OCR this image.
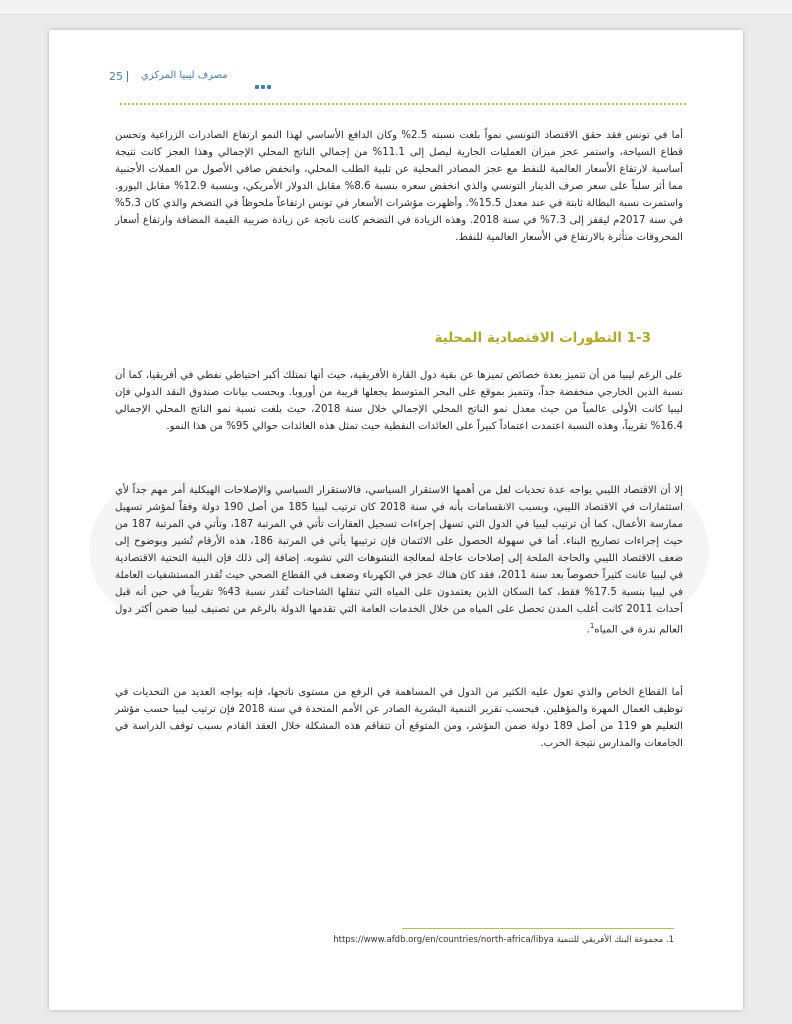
25 مصرف ليبيا المركزي
أما في تونس فقد حقق الاقتصاد التونسي نمواً بلغت نسبته 2.5% وكان الدافع الأساسي لهذا النمو ارتفاع الصادرات الزراعية وتحسن قطاع السياحة، واستمر عجز ميزان العمليات الجارية ليصل إلى 11.1% من إجمالي الناتج المحلي الإجمالي وهذا العجز كانت نتيجة أساسية لارتفاع الأسعار العالمية للنفط مع عجز المصادر المحلية عن تلبية الطلب المحلي، وانخفض صافي الأصول من العملات الأجنبية مما أثر سلباً على سعر صرف الدينار التونسي والذي انخفض سعره بنسبة 8.6% مقابل الدولار الأمريكي، وبنسبة 12.9% مقابل اليورو. واستمرت نسبة البطالة ثابتة في عند معدل 15.5%. وأظهرت مؤشرات الأسعار في تونس ارتفاعاً ملحوظاً في التضخم والذي كان 5.3% في سنة 2017م ليقفز إلى 7.3% في سنة 2018. وهذه الزيادة في التضخم كانت ناتجة عن زيادة ضريبة القيمة المضافة وارتفاع أسعار المحروقات متأثرة بالارتفاع في الأسعار العالمية للنفط.
1-3 التطورات الاقتصادية المحلية
على الرغم ليبيا من أن تتميز بعدة خصائص تميزها عن بقية دول القارة الأفريقية، حيث أنها تمتلك أكبر احتياطي نفطي في أفريقيا، كما أن نسبة الدين الخارجي منخفضة جداً، وتتميز بموقع على البحر المتوسط يجعلها قريبة من أوروبا. وبحسب بيانات صندوق النقد الدولي فإن ليبيا كانت الأولى عالمياً من حيث معدل نمو الناتج المحلي الإجمالي خلال سنة 2018، حيث بلغت نسبة نمو الناتج المحلي الإجمالي 16.4% تقريباً، وهذه النسبة اعتمدت اعتماداً كبيراً على العائدات النفطية حيث تمثل هذه العائدات حوالي 95% من هذا النمو.
إلا أن الاقتصاد الليبي يواجه عدة تحديات لعل من أهمها الاستقرار السياسي، فالاستقرار السياسي والإصلاحات الهيكلية أمر مهم جداً لأي استثمارات في الاقتصاد الليبي، وبسبب الانقسامات بأنه في سنة 2018 كان ترتيب ليبيا 185 من أصل 190 دولة وفقاً لمؤشر تسهيل ممارسة الأعمال، كما أن ترتيب ليبيا في الدول التي تسهل إجراءات تسجيل العقارات تأتي في المرتبة 187، وتأتي في المرتبة 187 من حيث إجراءات تصاريح البناء. أما في سهولة الحصول على الائتمان فإن ترتيبها يأتي في المرتبة 186، هذه الأرقام تُشير وبوضوح إلى ضعف الاقتصاد الليبي والحاجة الملحة إلى إصلاحات عاجلة لمعالجة التشوهات التي تشوبه. إضافة إلى ذلك فإن البنية التحتية الاقتصادية في ليبيا عانت كثيراً خصوصاً بعد سنة 2011، فقد كان هناك عجز في الكهرباء وضعف في القطاع الصحي حيث تُقدر المستشفيات العاملة في ليبيا بنسبة 17.5% فقط، كما السكان الذين يعتمدون على المياه التي تنقلها الشاحنات تُقدر نسبة 43% تقريباً في حين أنه قبل أحداث 2011 كانت أغلب المدن تحصل على المياه من خلال الخدمات العامة التي تقدمها الدولة بالرغم من تصنيف ليبيا ضمن أكثر دول العالم ندرة في المياه$^1$.
أما القطاع الخاص والذي تعول عليه الكثير من الدول في المساهمة في الرفع من مستوى ناتجها، فإنه يواجه العديد من التحديات في توظيف العمال المهرة والمؤهلين. فبحسب تقرير التنمية البشرية الصادر عن الأمم المتحدة في سنة 2018 فإن ترتيب ليبيا حسب مؤشر التعليم هو 119 من أصل 189 دولة ضمن المؤشر، ومن المتوقع أن تتفاقم هذه المشكلة خلال العقد القادم بسبب توقف الدراسة في الجامعات والمدارس نتيجة الحرب.
1. مجموعة البنك الأفريقي للتنمية https://www.afdb.org/en/countries/north-africa/libya
